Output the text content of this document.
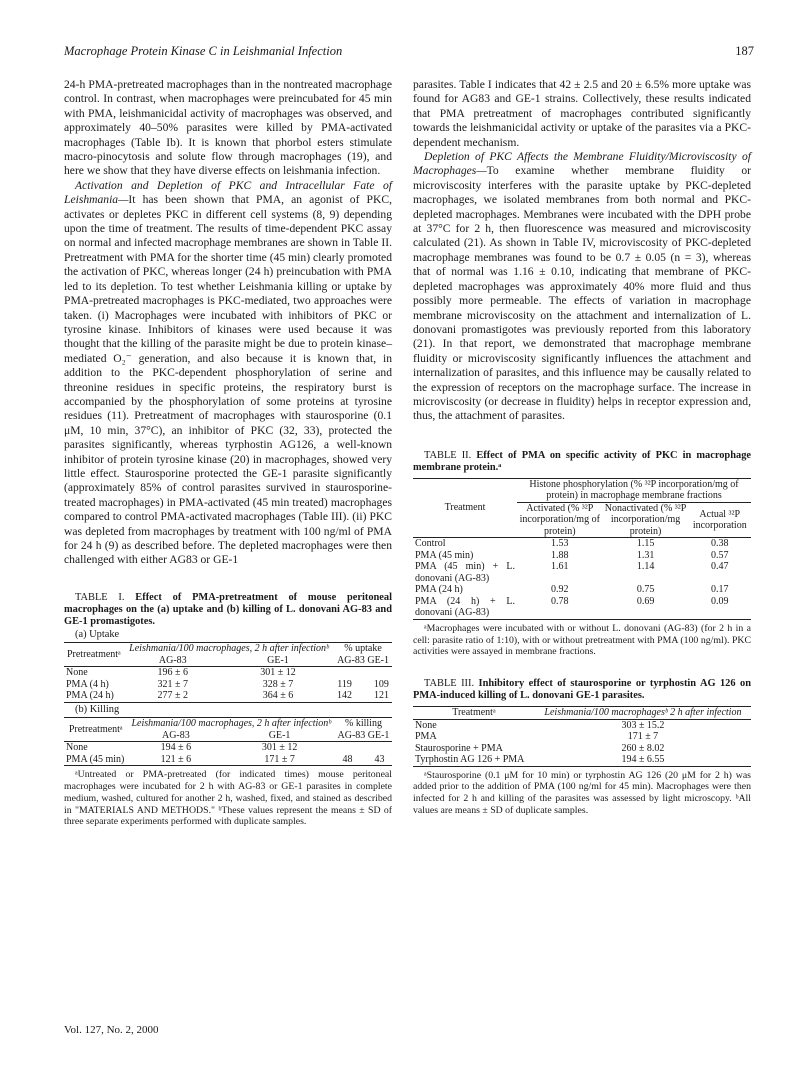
Macrophage Protein Kinase C in Leishmanial Infection	187

24-h PMA-pretreated macrophages than in the nontreated macrophage control. In contrast, when macrophages were preincubated for 45 min with PMA, leishmanicidal activity of macrophages was observed, and approximately 40–50% parasites were killed by PMA-activated macrophages (Table Ib). It is known that phorbol esters stimulate macro-pinocytosis and solute flow through macrophages (19), and here we show that they have diverse effects on leishmania infection.

Activation and Depletion of PKC and Intracellular Fate of Leishmania—It has been shown that PMA, an agonist of PKC, activates or depletes PKC in different cell systems (8, 9) depending upon the time of treatment. The results of time-dependent PKC assay on normal and infected macrophage membranes are shown in Table II. Pretreatment with PMA for the shorter time (45 min) clearly promoted the activation of PKC, whereas longer (24 h) preincubation with PMA led to its depletion. To test whether Leishmania killing or uptake by PMA-pretreated macrophages is PKC-mediated, two approaches were taken. (i) Macrophages were incubated with inhibitors of PKC or tyrosine kinase. Inhibitors of kinases were used because it was thought that the killing of the parasite might be due to protein kinase–mediated O₂⁻ generation, and also because it is known that, in addition to the PKC-dependent phosphorylation of serine and threonine residues in specific proteins, the respiratory burst is accompanied by the phosphorylation of some proteins at tyrosine residues (11). Pretreatment of macrophages with staurosporine (0.1 μM, 10 min, 37°C), an inhibitor of PKC (32, 33), protected the parasites significantly, whereas tyrphostin AG126, a well-known inhibitor of protein tyrosine kinase (20) in macrophages, showed very little effect. Staurosporine protected the GE-1 parasite significantly (approximately 85% of control parasites survived in staurosporine-treated macrophages) in PMA-activated (45 min treated) macrophages compared to control PMA-activated macrophages (Table III). (ii) PKC was depleted from macrophages by treatment with 100 ng/ml of PMA for 24 h (9) as described before. The depleted macrophages were then challenged with either AG83 or GE-1

TABLE I. Effect of PMA-pretreatment of mouse peritoneal macrophages on the (a) uptake and (b) killing of L. donovani AG-83 and GE-1 promastigotes.

(a) Uptake

Pretreatmentᵃ	Leishmania/100 macrophages, 2 h after infectionᵇ		% uptake
AG-83 GE-1
	AG-83	GE-1	
None	196 ± 6	301 ± 12	
PMA (4 h)	321 ± 7	328 ± 7	119 109
PMA (24 h)	277 ± 2	364 ± 6	142 121

(b) Killing

Pretreatmentᵃ	Leishmania/100 macrophages, 2 h after infectionᵇ		% killing
AG-83 GE-1
	AG-83	GE-1	
None	194 ± 6	301 ± 12	
PMA (45 min)	121 ± 6	171 ± 7	48 43

ᵃUntreated or PMA-pretreated (for indicated times) mouse peritoneal macrophages were incubated for 2 h with AG-83 or GE-1 parasites in complete medium, washed, cultured for another 2 h, washed, fixed, and stained as described in "MATERIALS AND METHODS." ᵇThese values represent the means ± SD of three separate experiments performed with duplicate samples.

parasites. Table I indicates that 42 ± 2.5 and 20 ± 6.5% more uptake was found for AG83 and GE-1 strains. Collectively, these results indicated that PMA pretreatment of macrophages contributed significantly towards the leishmanicidal activity or uptake of the parasites via a PKC-dependent mechanism.

Depletion of PKC Affects the Membrane Fluidity/Microviscosity of Macrophages—To examine whether membrane fluidity or microviscosity interferes with the parasite uptake by PKC-depleted macrophages, we isolated membranes from both normal and PKC-depleted macrophages. Membranes were incubated with the DPH probe at 37°C for 2 h, then fluorescence was measured and microviscosity calculated (21). As shown in Table IV, microviscosity of PKC-depleted macrophage membranes was found to be 0.7 ± 0.05 (n = 3), whereas that of normal was 1.16 ± 0.10, indicating that membrane of PKC-depleted macrophages was approximately 40% more fluid and thus possibly more permeable. The effects of variation in macrophage membrane microviscosity on the attachment and internalization of L. donovani promastigotes was previously reported from this laboratory (21). In that report, we demonstrated that macrophage membrane fluidity or microviscosity significantly influences the attachment and internalization of parasites, and this influence may be causally related to the expression of receptors on the macrophage surface. The increase in microviscosity (or decrease in fluidity) helps in receptor expression and, thus, the attachment of parasites.

TABLE II. Effect of PMA on specific activity of PKC in macrophage membrane protein.ᵃ

Treatment	Histone phosphorylation (% ³²P incorporation/mg of protein) in macrophage membrane fractions		
	Activated (% ³²P incorporation/mg of protein)	Nonactivated (% ³²P incorporation/mg protein)	Actual ³²P incorporation
Control	1.53	1.15	0.38
PMA (45 min)	1.88	1.31	0.57
PMA (45 min) + L. donovani (AG-83)	1.61	1.14	0.47
PMA (24 h)	0.92	0.75	0.17
PMA (24 h) + L. donovani (AG-83)	0.78	0.69	0.09

ᵃMacrophages were incubated with or without L. donovani (AG-83) (for 2 h in a cell: parasite ratio of 1:10), with or without pretreatment with PMA (100 ng/ml). PKC activities were assayed in membrane fractions.

TABLE III. Inhibitory effect of staurosporine or tyrphostin AG 126 on PMA-induced killing of L. donovani GE-1 parasites.

Treatmentᵃ	Leishmania/100 macrophagesᵇ 2 h after infection
None	303 ± 15.2
PMA	171 ± 7
Staurosporine + PMA	260 ± 8.02
Tyrphostin AG 126 + PMA	194 ± 6.55

ᵃStaurosporine (0.1 μM for 10 min) or tyrphostin AG 126 (20 μM for 2 h) was added prior to the addition of PMA (100 ng/ml for 45 min). Macrophages were then infected for 2 h and killing of the parasites was assessed by light microscopy. ᵇAll values are means ± SD of duplicate samples.

Vol. 127, No. 2, 2000
